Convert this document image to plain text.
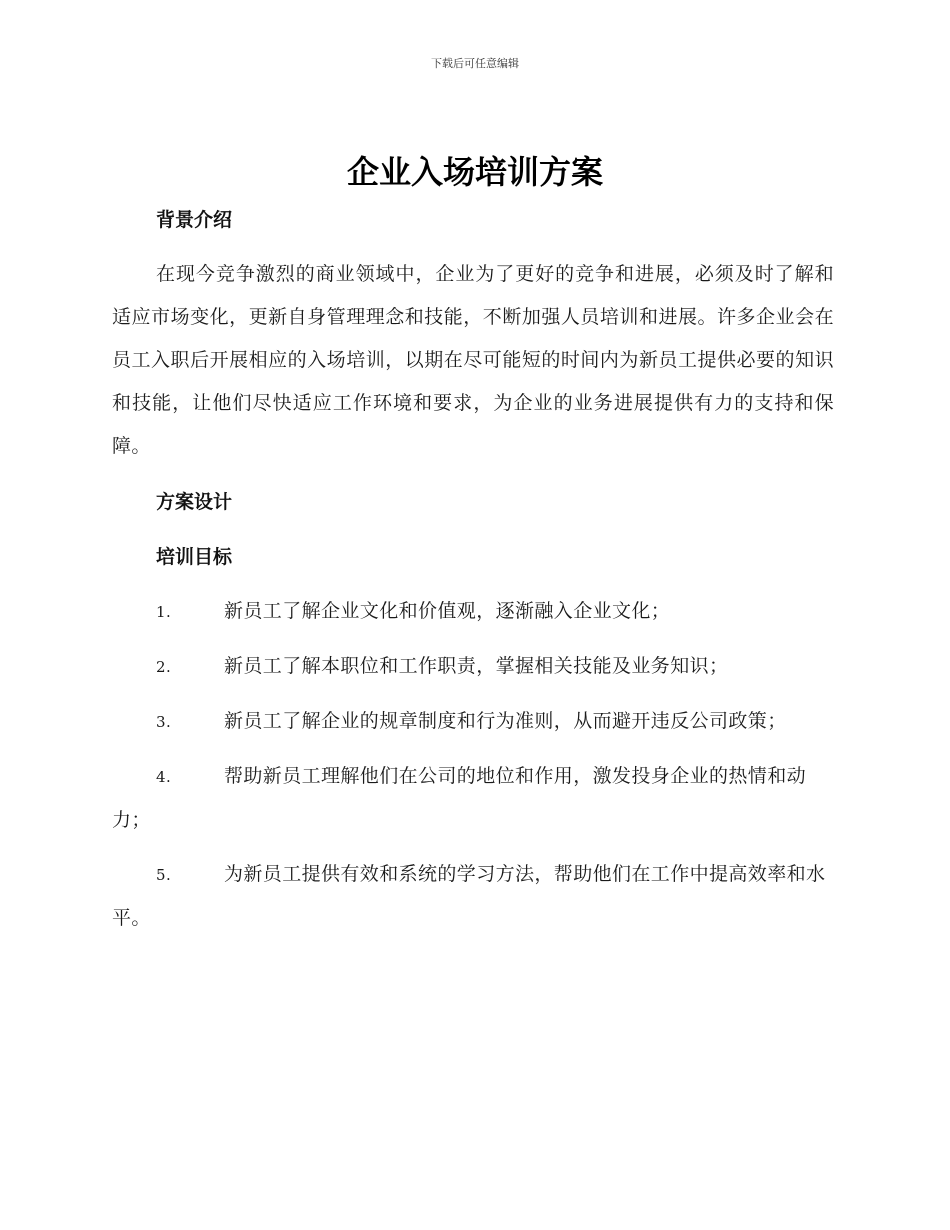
下载后可任意编辑
企业入场培训方案

背景介绍

在现今竞争激烈的商业领域中，企业为了更好的竞争和进展，必须及时了解和适应市场变化，更新自身管理理念和技能，不断加强人员培训和进展。许多企业会在员工入职后开展相应的入场培训，以期在尽可能短的时间内为新员工提供必要的知识和技能，让他们尽快适应工作环境和要求，为企业的业务进展提供有力的支持和保障。

方案设计

培训目标

1.	新员工了解企业文化和价值观，逐渐融入企业文化；

2.	新员工了解本职位和工作职责，掌握相关技能及业务知识；

3.	新员工了解企业的规章制度和行为准则，从而避开违反公司政策；

4.	帮助新员工理解他们在公司的地位和作用，激发投身企业的热情和动力；

5.	为新员工提供有效和系统的学习方法，帮助他们在工作中提高效率和水平。
